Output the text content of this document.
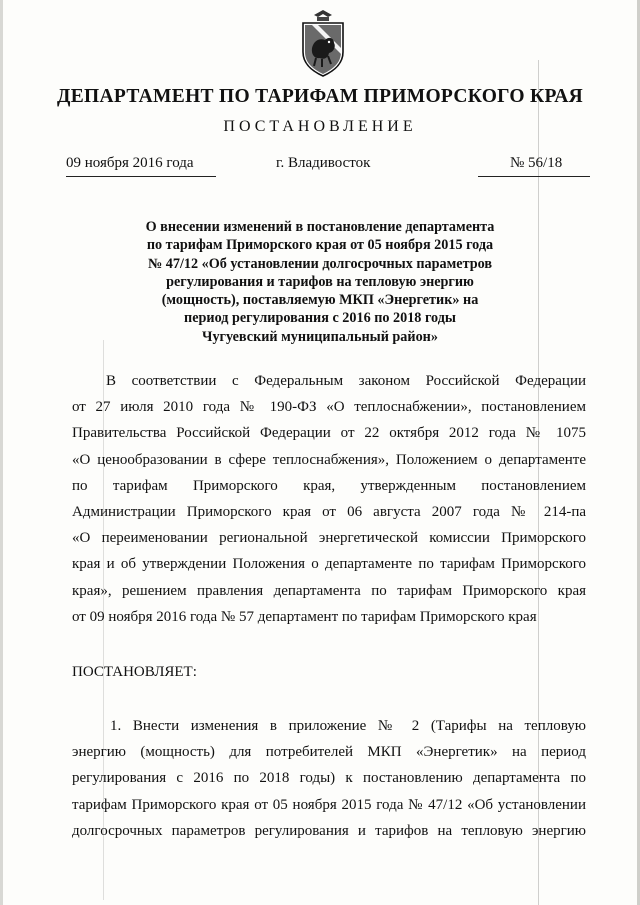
ДЕПАРТАМЕНТ ПО ТАРИФАМ ПРИМОРСКОГО КРАЯ
ПОСТАНОВЛЕНИЕ
09 ноября 2016 года	г. Владивосток	№ 56/18
О внесении изменений в постановление департамента
по тарифам Приморского края от 05 ноября 2015 года
№ 47/12 «Об установлении долгосрочных параметров
регулирования и тарифов на тепловую энергию
(мощность), поставляемую МКП «Энергетик» на
период регулирования с 2016 по 2018 годы
Чугуевский муниципальный район»
В соответствии с Федеральным законом Российской Федерации
от 27 июля 2010 года № 190-ФЗ «О теплоснабжении», постановлением
Правительства Российской Федерации от 22 октября 2012 года № 1075
«О ценообразовании в сфере теплоснабжения», Положением о департаменте
по тарифам Приморского края, утвержденным постановлением
Администрации Приморского края от 06 августа 2007 года № 214-па
«О переименовании региональной энергетической комиссии Приморского
края и об утверждении Положения о департаменте по тарифам Приморского
края», решением правления департамента по тарифам Приморского края
от 09 ноября 2016 года № 57 департамент по тарифам Приморского края
ПОСТАНОВЛЯЕТ:
1. Внести изменения в приложение № 2 (Тарифы на тепловую
энергию (мощность) для потребителей МКП «Энергетик» на период
регулирования с 2016 по 2018 годы) к постановлению департамента по
тарифам Приморского края от 05 ноября 2015 года № 47/12 «Об установлении
долгосрочных параметров регулирования и тарифов на тепловую энергию
